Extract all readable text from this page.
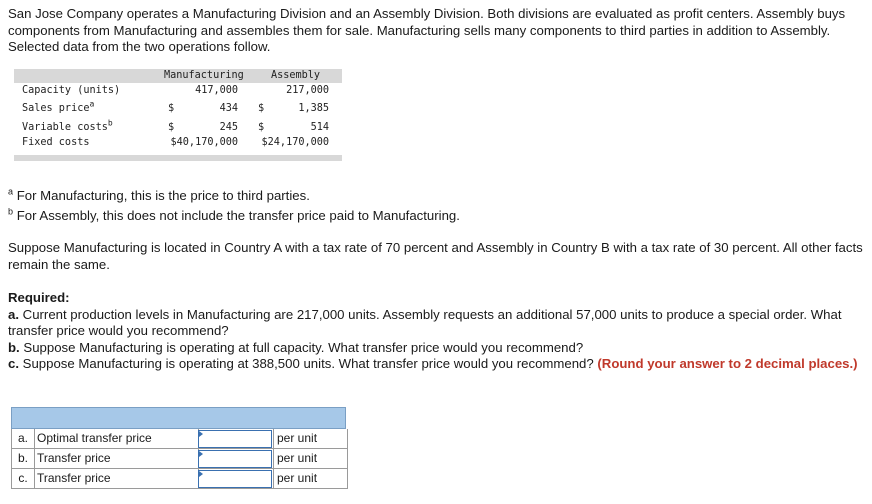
San Jose Company operates a Manufacturing Division and an Assembly Division. Both divisions are evaluated as profit centers. Assembly buys components from Manufacturing and assembles them for sale. Manufacturing sells many components to third parties in addition to Assembly. Selected data from the two operations follow.

Manufacturing	Assembly
Capacity (units)	417,000	217,000
Sales price$^a$	$	434 $	1,385
Variable costs$^b$	$	245 $	514
Fixed costs	$40,170,000 $24,170,000
$^a$ For Manufacturing, this is the price to third parties.
$^b$ For Assembly, this does not include the transfer price paid to Manufacturing.

Suppose Manufacturing is located in Country A with a tax rate of 70 percent and Assembly in Country B with a tax rate of 30 percent. All other facts remain the same.

Required:
a. Current production levels in Manufacturing are 217,000 units. Assembly requests an additional 57,000 units to produce a special order. What transfer price would you recommend?
b. Suppose Manufacturing is operating at full capacity. What transfer price would you recommend?
c. Suppose Manufacturing is operating at 388,500 units. What transfer price would you recommend? (Round your answer to 2 decimal places.)
a. Optimal transfer price	per unit
b. Transfer price	per unit
c. Transfer price	per unit
